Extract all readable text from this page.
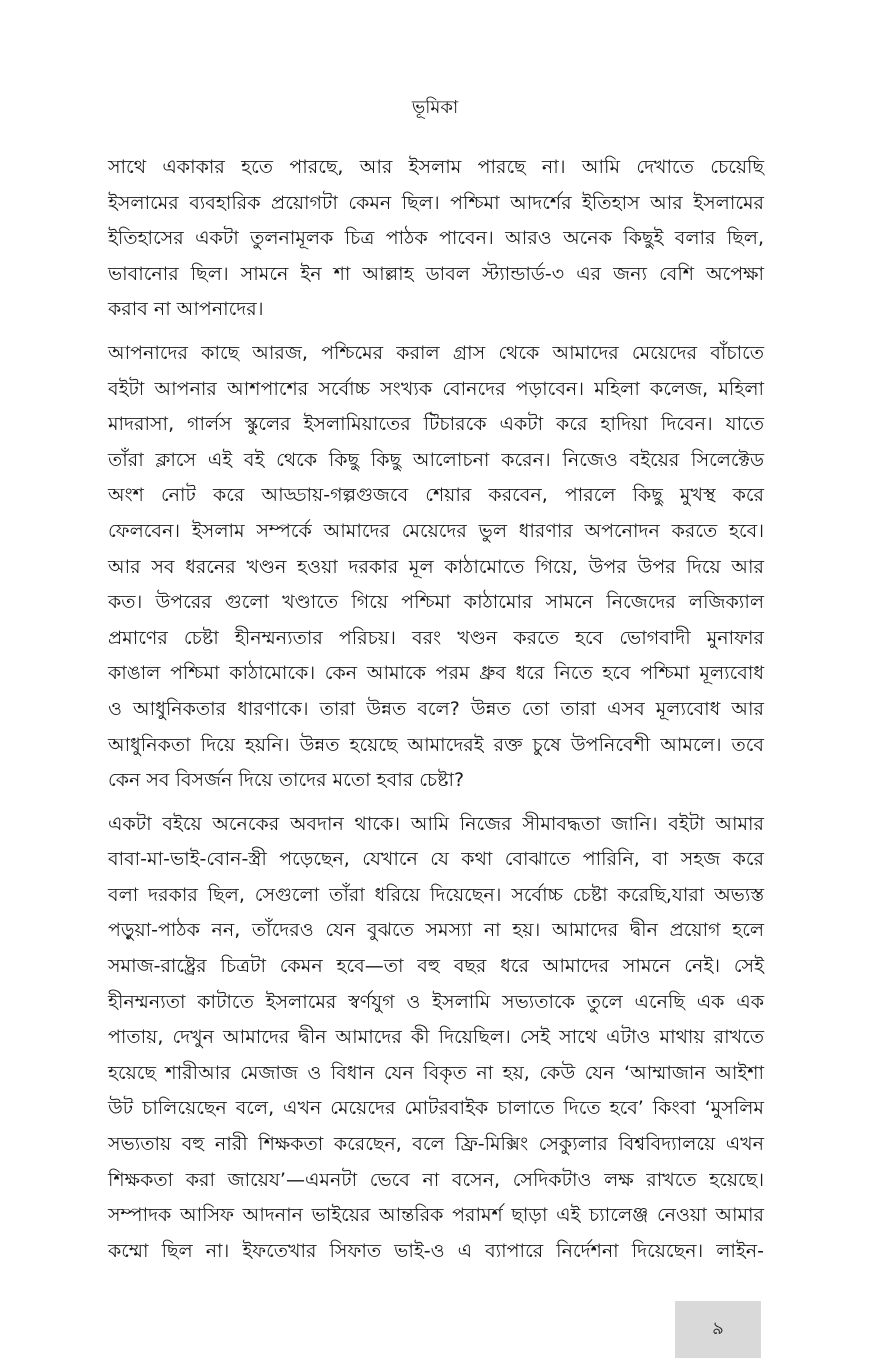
ভূমিকা
সাথে একাকার হতে পারছে, আর ইসলাম পারছে না। আমি দেখাতে চেয়েছি
ইসলামের ব্যবহারিক প্রয়োগটা কেমন ছিল। পশ্চিমা আদর্শের ইতিহাস আর ইসলামের
ইতিহাসের একটা তুলনামূলক চিত্র পাঠক পাবেন। আরও অনেক কিছুই বলার ছিল,
ভাবানোর ছিল। সামনে ইন শা আল্লাহ ডাবল স্ট্যান্ডার্ড-৩ এর জন্য বেশি অপেক্ষা
করাব না আপনাদের।
আপনাদের কাছে আরজ, পশ্চিমের করাল গ্রাস থেকে আমাদের মেয়েদের বাঁচাতে
বইটা আপনার আশপাশের সর্বোচ্চ সংখ্যক বোনদের পড়াবেন। মহিলা কলেজ, মহিলা
মাদরাসা, গার্লস স্কুলের ইসলামিয়াতের টিচারকে একটা করে হাদিয়া দিবেন। যাতে
তাঁরা ক্লাসে এই বই থেকে কিছু কিছু আলোচনা করেন। নিজেও বইয়ের সিলেক্টেড
অংশ নোট করে আড্ডায়-গল্পগুজবে শেয়ার করবেন, পারলে কিছু মুখস্থ করে
ফেলবেন। ইসলাম সম্পর্কে আমাদের মেয়েদের ভুল ধারণার অপনোদন করতে হবে।
আর সব ধরনের খণ্ডন হওয়া দরকার মূল কাঠামোতে গিয়ে, উপর উপর দিয়ে আর
কত। উপরের গুলো খণ্ডাতে গিয়ে পশ্চিমা কাঠামোর সামনে নিজেদের লজিক্যাল
প্রমাণের চেষ্টা হীনম্মন্যতার পরিচয়। বরং খণ্ডন করতে হবে ভোগবাদী মুনাফার
কাঙাল পশ্চিমা কাঠামোকে। কেন আমাকে পরম ধ্রুব ধরে নিতে হবে পশ্চিমা মূল্যবোধ
ও আধুনিকতার ধারণাকে। তারা উন্নত বলে? উন্নত তো তারা এসব মূল্যবোধ আর
আধুনিকতা দিয়ে হয়নি। উন্নত হয়েছে আমাদেরই রক্ত চুষে উপনিবেশী আমলে। তবে
কেন সব বিসর্জন দিয়ে তাদের মতো হবার চেষ্টা?
একটা বইয়ে অনেকের অবদান থাকে। আমি নিজের সীমাবদ্ধতা জানি। বইটা আমার
বাবা-মা-ভাই-বোন-স্ত্রী পড়েছেন, যেখানে যে কথা বোঝাতে পারিনি, বা সহজ করে
বলা দরকার ছিল, সেগুলো তাঁরা ধরিয়ে দিয়েছেন। সর্বোচ্চ চেষ্টা করেছি,যারা অভ্যস্ত
পড়ুয়া-পাঠক নন, তাঁদেরও যেন বুঝতে সমস্যা না হয়। আমাদের দ্বীন প্রয়োগ হলে
সমাজ-রাষ্ট্রের চিত্রটা কেমন হবে—তা বহু বছর ধরে আমাদের সামনে নেই। সেই
হীনম্মন্যতা কাটাতে ইসলামের স্বর্ণযুগ ও ইসলামি সভ্যতাকে তুলে এনেছি এক এক
পাতায়, দেখুন আমাদের দ্বীন আমাদের কী দিয়েছিল। সেই সাথে এটাও মাথায় রাখতে
হয়েছে শারীআর মেজাজ ও বিধান যেন বিকৃত না হয়, কেউ যেন ‘আম্মাজান আইশা
উট চালিয়েছেন বলে, এখন মেয়েদের মোটরবাইক চালাতে দিতে হবে’ কিংবা ‘মুসলিম
সভ্যতায় বহু নারী শিক্ষকতা করেছেন, বলে ফ্রি-মিক্সিং সেক্যুলার বিশ্ববিদ্যালয়ে এখন
শিক্ষকতা করা জায়েয’—এমনটা ভেবে না বসেন, সেদিকটাও লক্ষ রাখতে হয়েছে।
সম্পাদক আসিফ আদনান ভাইয়ের আন্তরিক পরামর্শ ছাড়া এই চ্যালেঞ্জ নেওয়া আমার
কম্মো ছিল না। ইফতেখার সিফাত ভাই-ও এ ব্যাপারে নির্দেশনা দিয়েছেন। লাইন-
৯
